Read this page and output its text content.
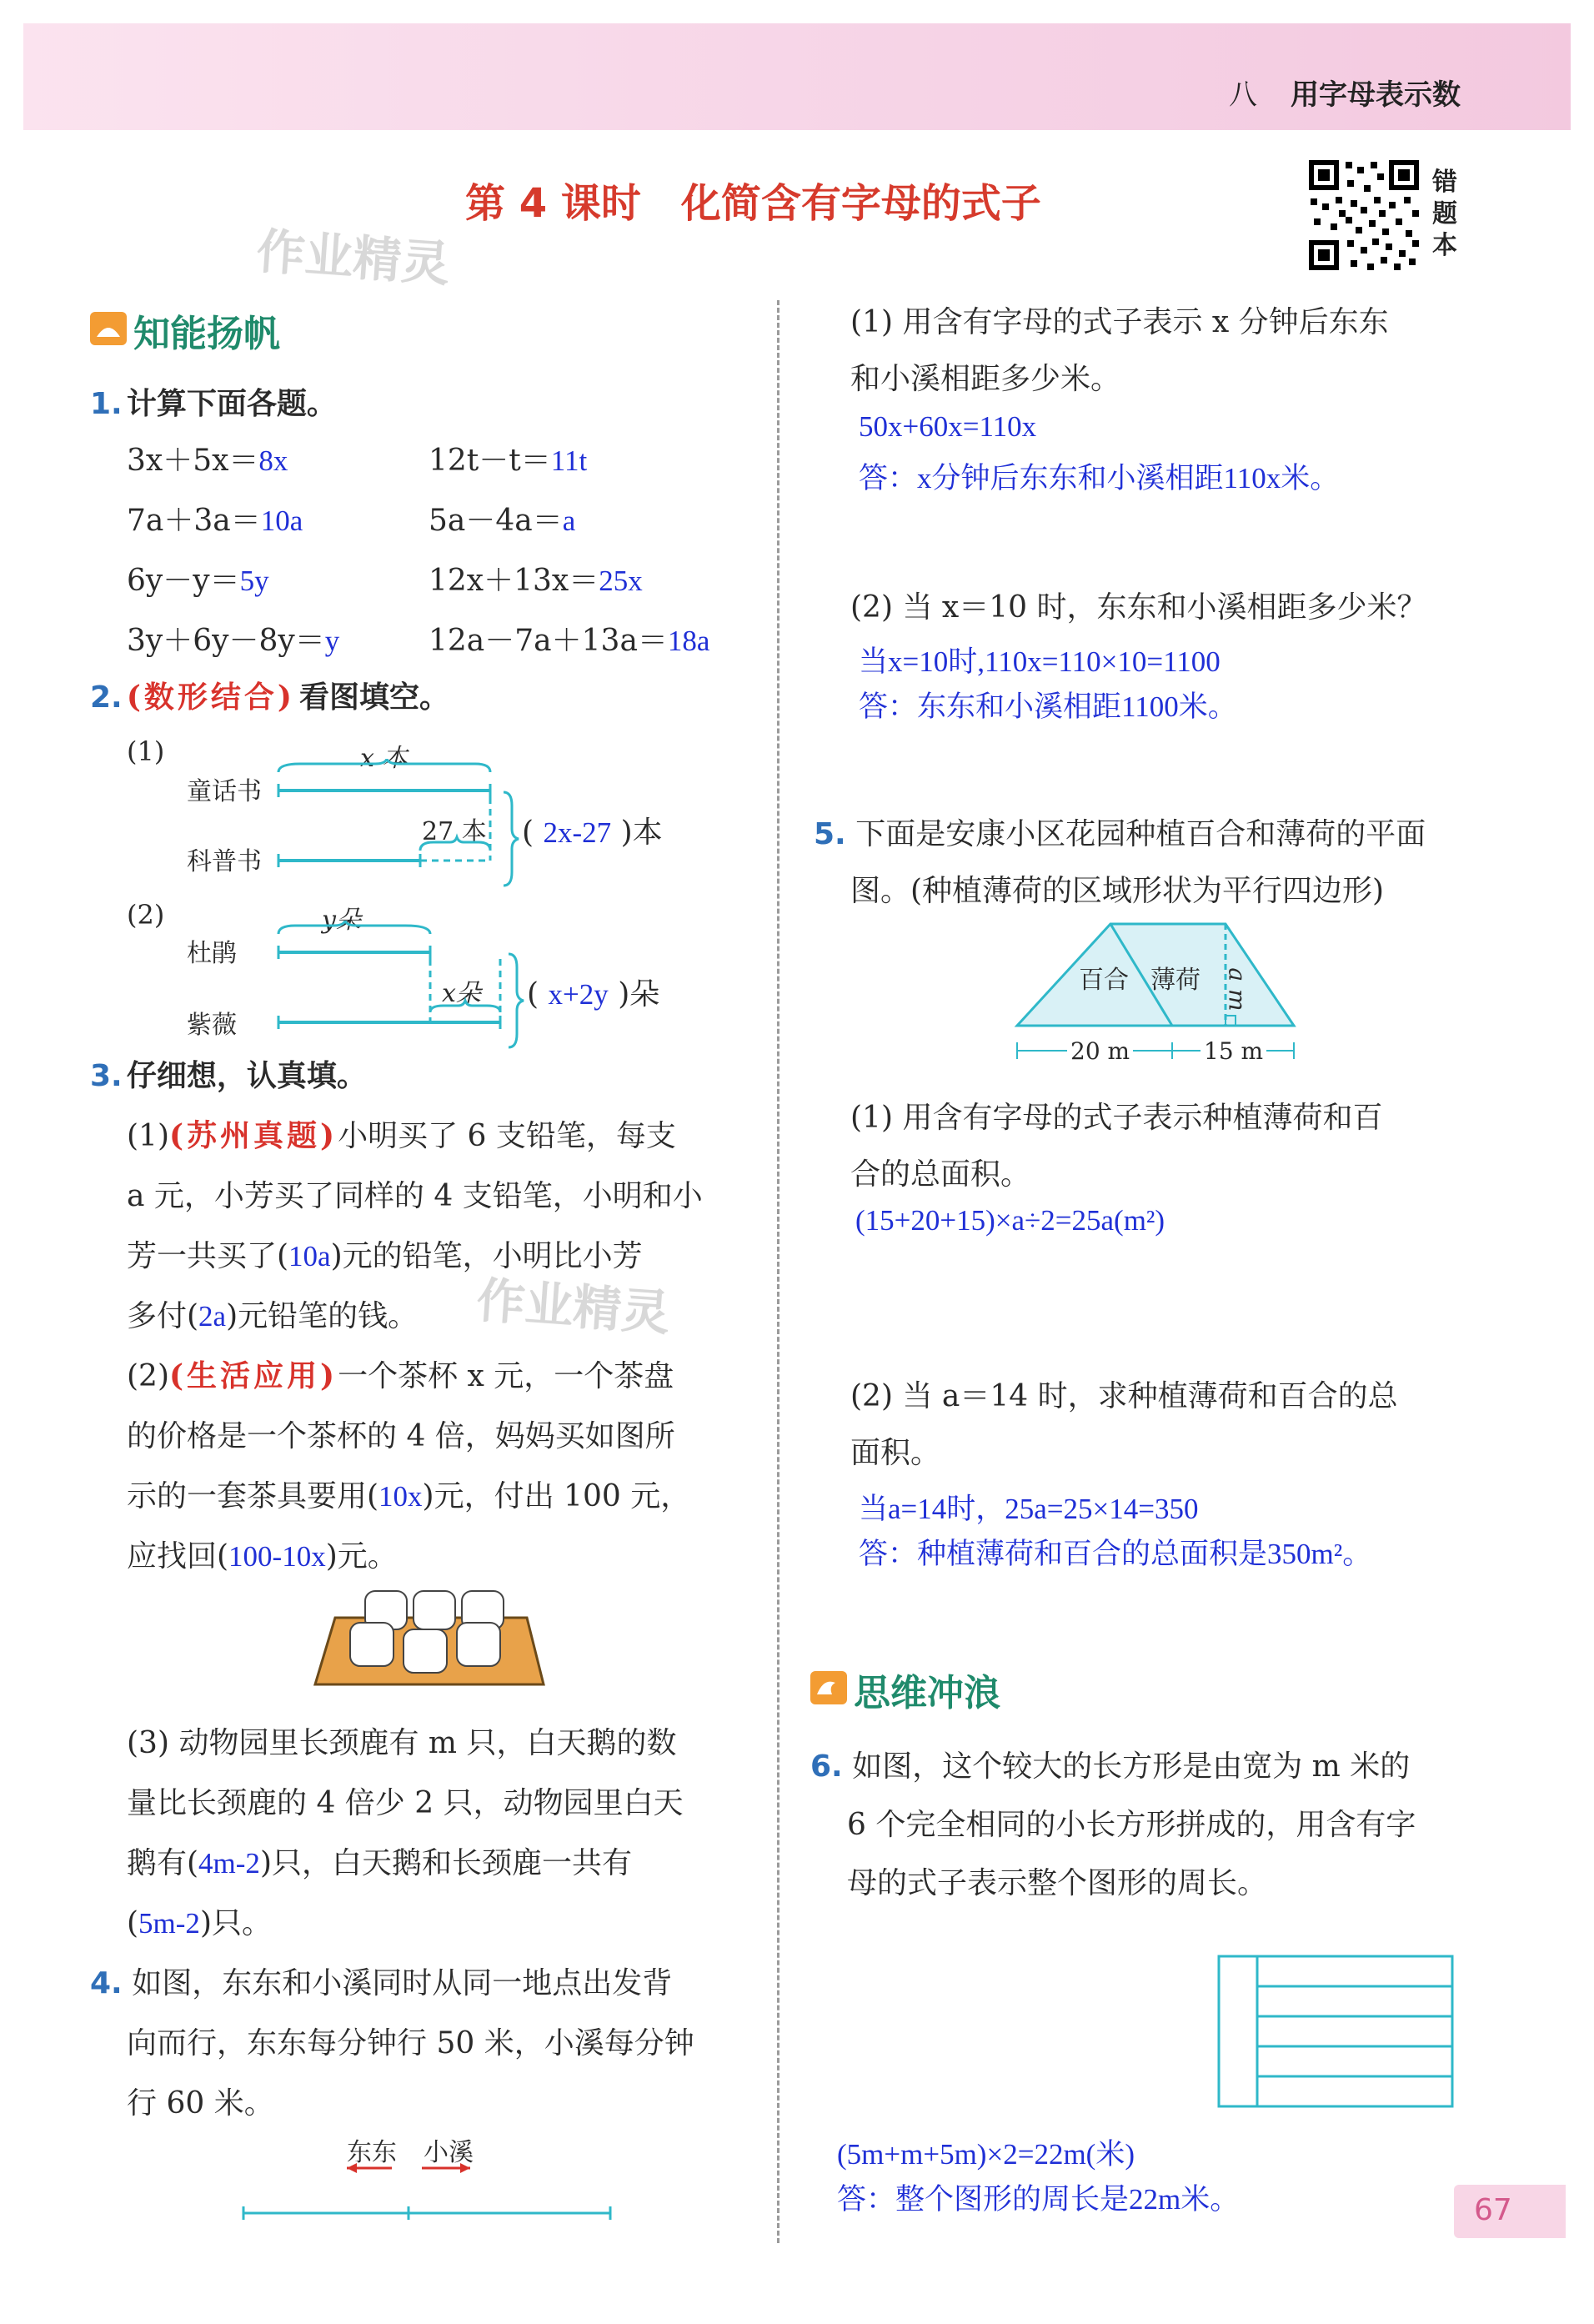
八 用字母表示数
第 4 课时　化简含有字母的式子	错
题
本
作业精灵
作业精灵
知能扬帆
1. 计算下面各题。
3x＋5x＝8x	12t－t＝11t
7a＋3a＝10a	5a－4a＝a
6y－y＝5y	12x＋13x＝25x
3y＋6y－8y＝y	12a－7a＋13a＝18a
2. (数形结合) 看图填空。
(1)
童话书
科普书
x 本
27 本 ( 2x-27 )本
(2)
杜鹃
紫薇
y朵
x朵 ( x+2y )朵
3. 仔细想，认真填。
(1)(苏州真题)小明买了 6 支铅笔，每支
a 元，小芳买了同样的 4 支铅笔，小明和小
芳一共买了(10a)元的铅笔，小明比小芳
多付(2a)元铅笔的钱。
(2)(生活应用)一个茶杯 x 元，一个茶盘
的价格是一个茶杯的 4 倍，妈妈买如图所
示的一套茶具要用(10x)元，付出 100 元，
应找回(100-10x)元。
(3) 动物园里长颈鹿有 m 只，白天鹅的数
量比长颈鹿的 4 倍少 2 只，动物园里白天
鹅有(4m-2)只，白天鹅和长颈鹿一共有
(5m-2)只。
4. 如图，东东和小溪同时从同一地点出发背
向而行，东东每分钟行 50 米，小溪每分钟
行 60 米。
东东 小溪
(1) 用含有字母的式子表示 x 分钟后东东
和小溪相距多少米。
50x+60x=110x
答：x分钟后东东和小溪相距110x米。
(2) 当 x＝10 时，东东和小溪相距多少米？
当x=10时,110x=110×10=1100
答：东东和小溪相距1100米。
5. 下面是安康小区花园种植百合和薄荷的平面
图。(种植薄荷的区域形状为平行四边形)
百合 薄荷 a m
20 m	15 m
(1) 用含有字母的式子表示种植薄荷和百
合的总面积。
(15+20+15)×a÷2=25a(m²)
(2) 当 a＝14 时，求种植薄荷和百合的总
面积。
当a=14时，25a=25×14=350
答：种植薄荷和百合的总面积是350m²。
思维冲浪
6. 如图，这个较大的长方形是由宽为 m 米的
6 个完全相同的小长方形拼成的，用含有字
母的式子表示整个图形的周长。
(5m+m+5m)×2=22m(米)
答：整个图形的周长是22m米。	67
